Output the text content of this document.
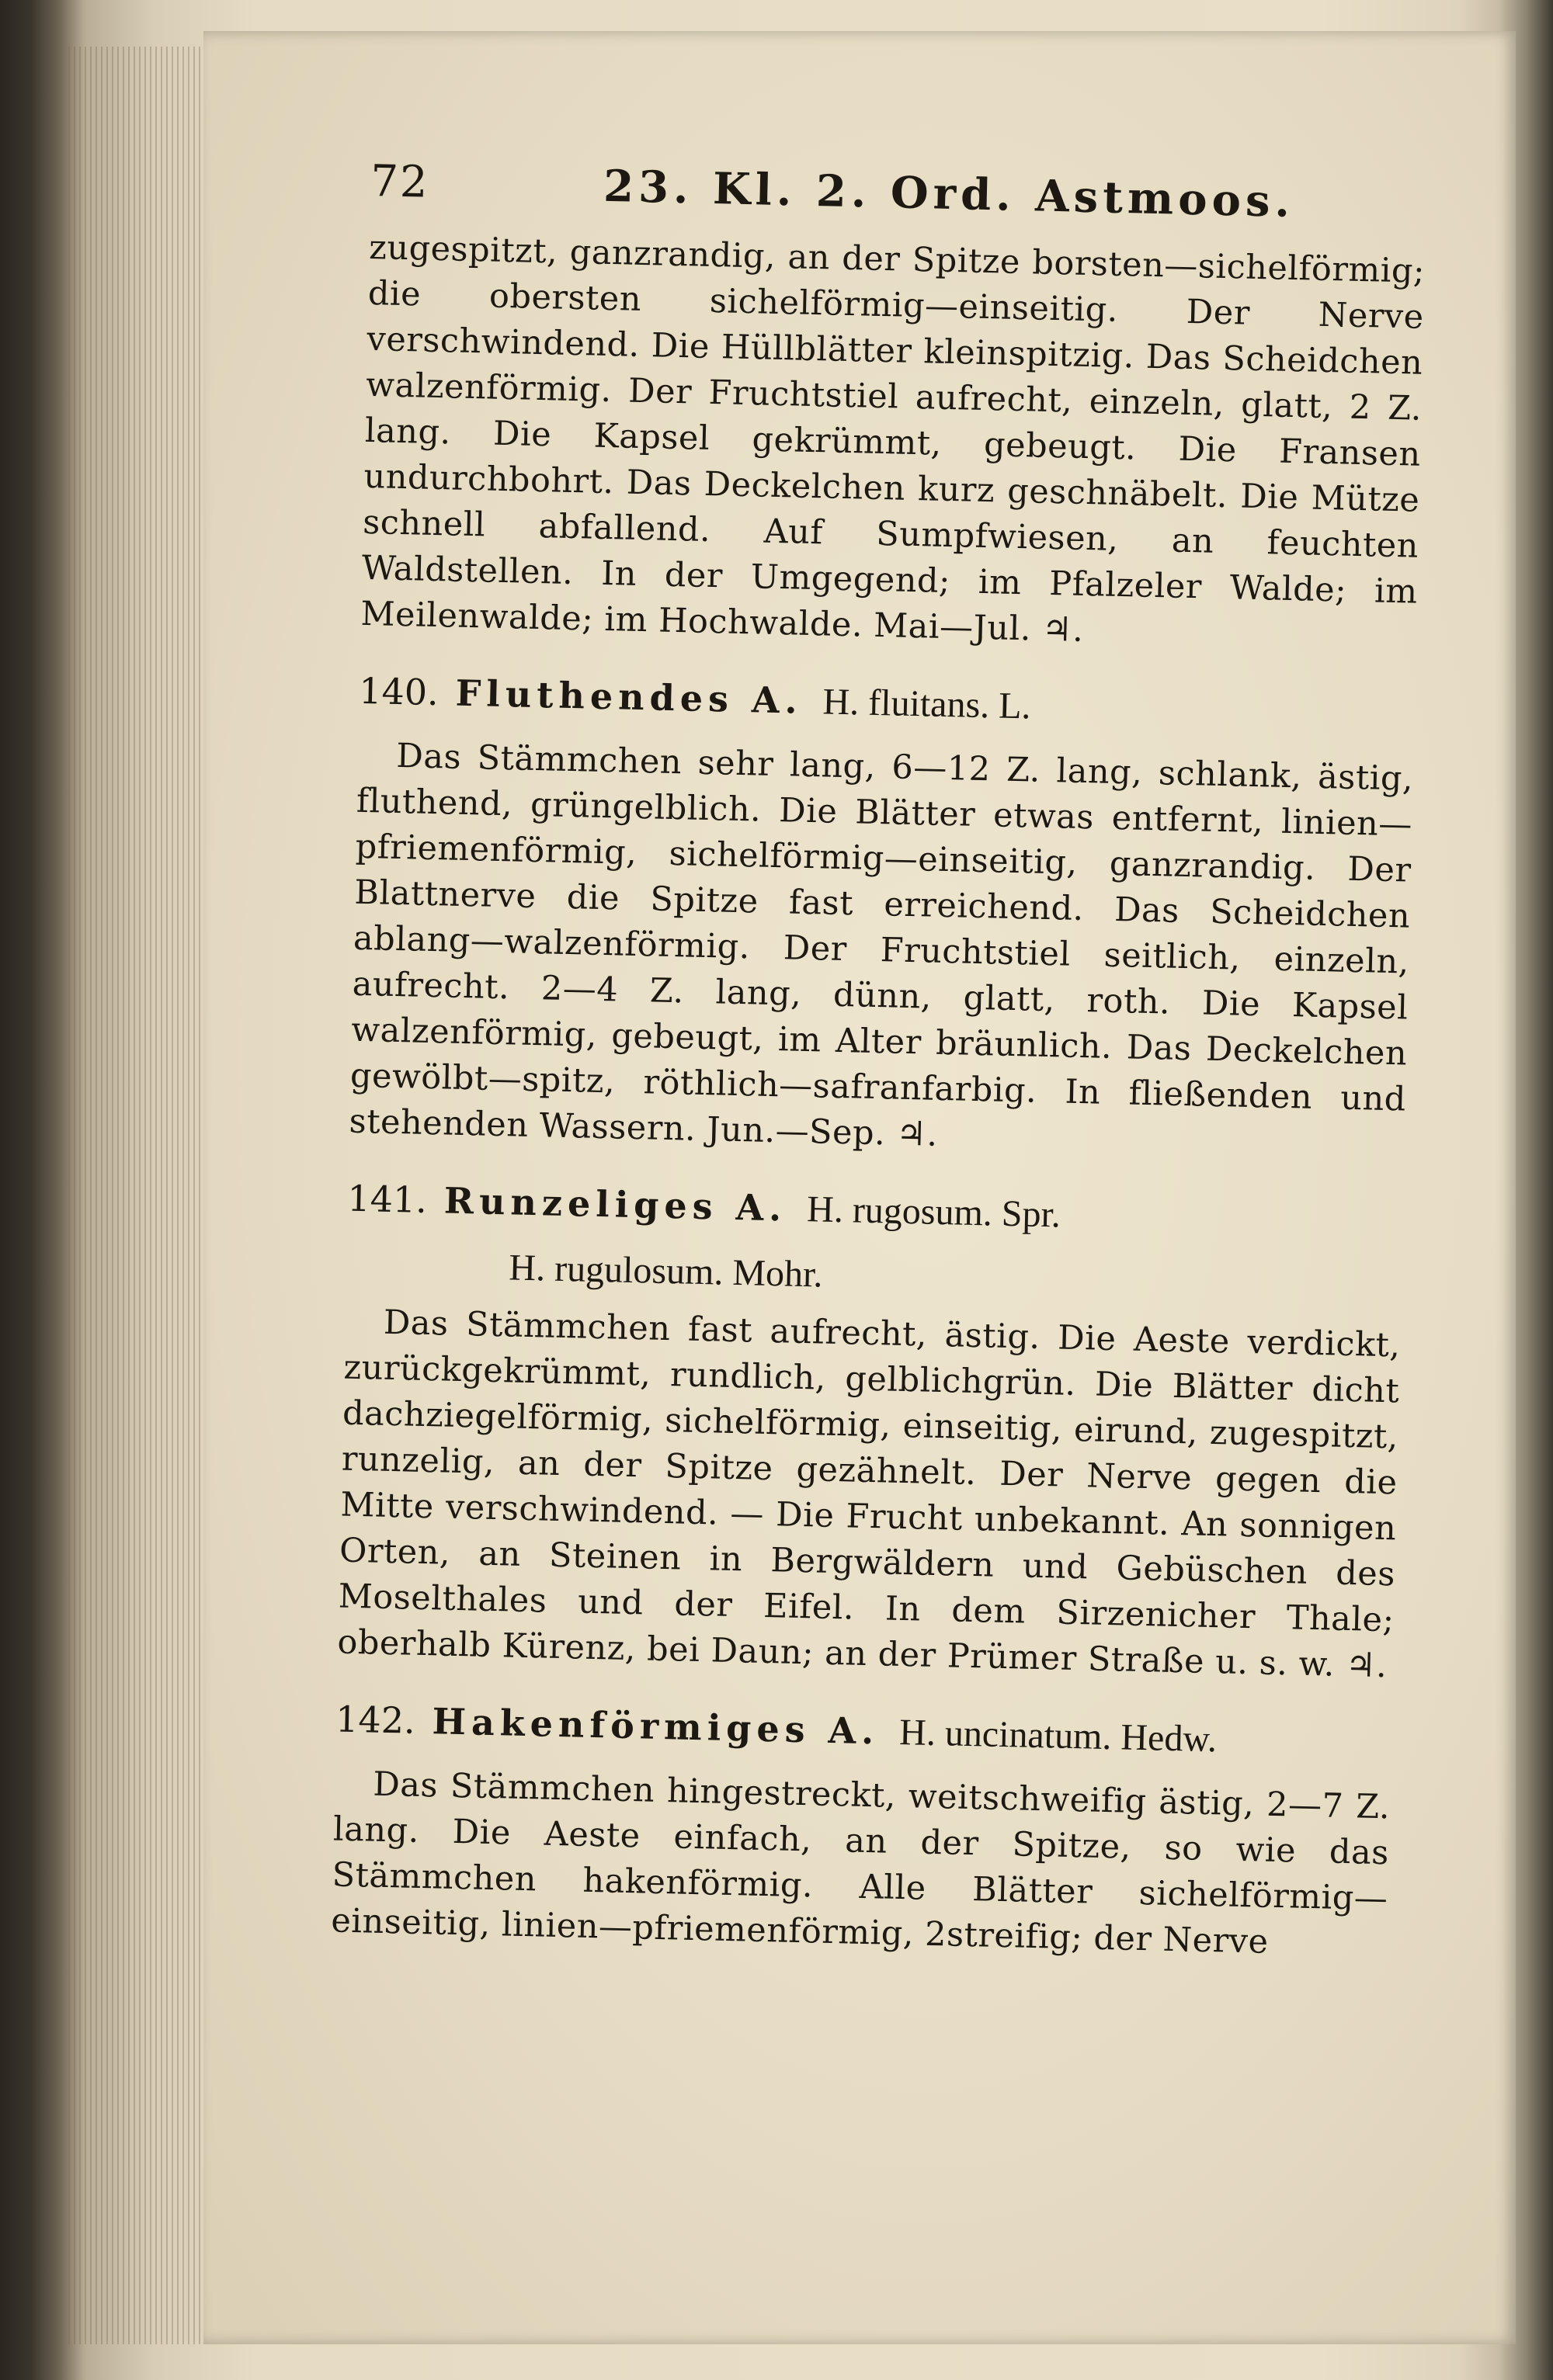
72	23. Kl. 2. Ord. Astmoos.

zugespitzt, ganzrandig, an der Spitze borsten—sichelförmig; die obersten sichelförmig—einseitig. Der Nerve verschwindend. Die Hüllblätter kleinspitzig. Das Scheidchen walzenförmig. Der Fruchtstiel aufrecht, einzeln, glatt, 2 Z. lang. Die Kapsel gekrümmt, gebeugt. Die Fransen undurchbohrt. Das Deckelchen kurz geschnäbelt. Die Mütze schnell abfallend. Auf Sumpfwiesen, an feuchten Waldstellen. In der Umgegend; im Pfalzeler Walde; im Meilenwalde; im Hochwalde. Mai—Jul. ♃.

140. Fluthendes A. H. fluitans. L.

Das Stämmchen sehr lang, 6—12 Z. lang, schlank, ästig, fluthend, grüngelblich. Die Blätter etwas entfernt, linien—pfriemenförmig, sichelförmig—einseitig, ganzrandig. Der Blattnerve die Spitze fast erreichend. Das Scheidchen ablang—walzenförmig. Der Fruchtstiel seitlich, einzeln, aufrecht. 2—4 Z. lang, dünn, glatt, roth. Die Kapsel walzenförmig, gebeugt, im Alter bräunlich. Das Deckelchen gewölbt—spitz, röthlich—safranfarbig. In fließenden und stehenden Wassern. Jun.—Sep. ♃.

141. Runzeliges A. H. rugosum. Spr.
H. rugulosum. Mohr.

Das Stämmchen fast aufrecht, ästig. Die Aeste verdickt, zurückgekrümmt, rundlich, gelblichgrün. Die Blätter dicht dachziegelförmig, sichelförmig, einseitig, eirund, zugespitzt, runzelig, an der Spitze gezähnelt. Der Nerve gegen die Mitte verschwindend. — Die Frucht unbekannt. An sonnigen Orten, an Steinen in Bergwäldern und Gebüschen des Moselthales und der Eifel. In dem Sirzenicher Thale; oberhalb Kürenz, bei Daun; an der Prümer Straße u. s. w. ♃.

142. Hakenförmiges A. H. uncinatum. Hedw.

Das Stämmchen hingestreckt, weitschweifig ästig, 2—7 Z. lang. Die Aeste einfach, an der Spitze, so wie das Stämmchen hakenförmig. Alle Blätter sichelförmig—einseitig, linien—pfriemenförmig, 2streifig; der Nerve
